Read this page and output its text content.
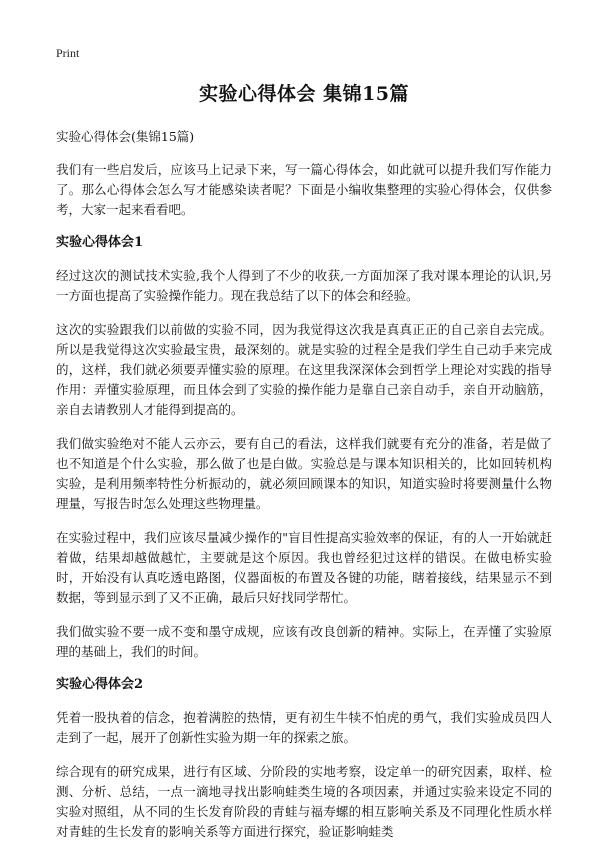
Print
实验心得体会 集锦15篇
实验心得体会(集锦15篇)

我们有一些启发后，应该马上记录下来，写一篇心得体会，如此就可以提升我们写作能力了。那么心得体会怎么写才能感染读者呢？下面是小编收集整理的实验心得体会，仅供参考，大家一起来看看吧。

实验心得体会1

经过这次的测试技术实验,我个人得到了不少的收获,一方面加深了我对课本理论的认识,另一方面也提高了实验操作能力。现在我总结了以下的体会和经验。

这次的实验跟我们以前做的实验不同，因为我觉得这次我是真真正正的自己亲自去完成。所以是我觉得这次实验最宝贵，最深刻的。就是实验的过程全是我们学生自己动手来完成的，这样，我们就必须要弄懂实验的原理。在这里我深深体会到哲学上理论对实践的指导作用：弄懂实验原理，而且体会到了实验的操作能力是靠自己亲自动手，亲自开动脑筋，亲自去请教别人才能得到提高的。

我们做实验绝对不能人云亦云，要有自己的看法，这样我们就要有充分的准备，若是做了也不知道是个什么实验，那么做了也是白做。实验总是与课本知识相关的，比如回转机构实验，是利用频率特性分析振动的，就必须回顾课本的知识，知道实验时将要测量什么物理量，写报告时怎么处理这些物理量。

在实验过程中，我们应该尽量减少操作的"盲目性提高实验效率的保证，有的人一开始就赶着做，结果却越做越忙，主要就是这个原因。我也曾经犯过这样的错误。在做电桥实验时，开始没有认真吃透电路图，仪器面板的布置及各键的功能，瞎着接线，结果显示不到数据，等到显示到了又不正确，最后只好找同学帮忙。

我们做实验不要一成不变和墨守成规，应该有改良创新的精神。实际上，在弄懂了实验原理的基础上，我们的时间。

实验心得体会2

凭着一股执着的信念，抱着满腔的热情，更有初生牛犊不怕虎的勇气，我们实验成员四人走到了一起，展开了创新性实验为期一年的探索之旅。

综合现有的研究成果，进行有区域、分阶段的实地考察，设定单一的研究因素，取样、检测、分析、总结，一点一滴地寻找出影响蛙类生境的各项因素，并通过实验来设定不同的实验对照组，从不同的生长发育阶段的青蛙与福寿螺的相互影响关系及不同理化性质水样对青蛙的生长发育的影响关系等方面进行探究，验证影响蛙类
